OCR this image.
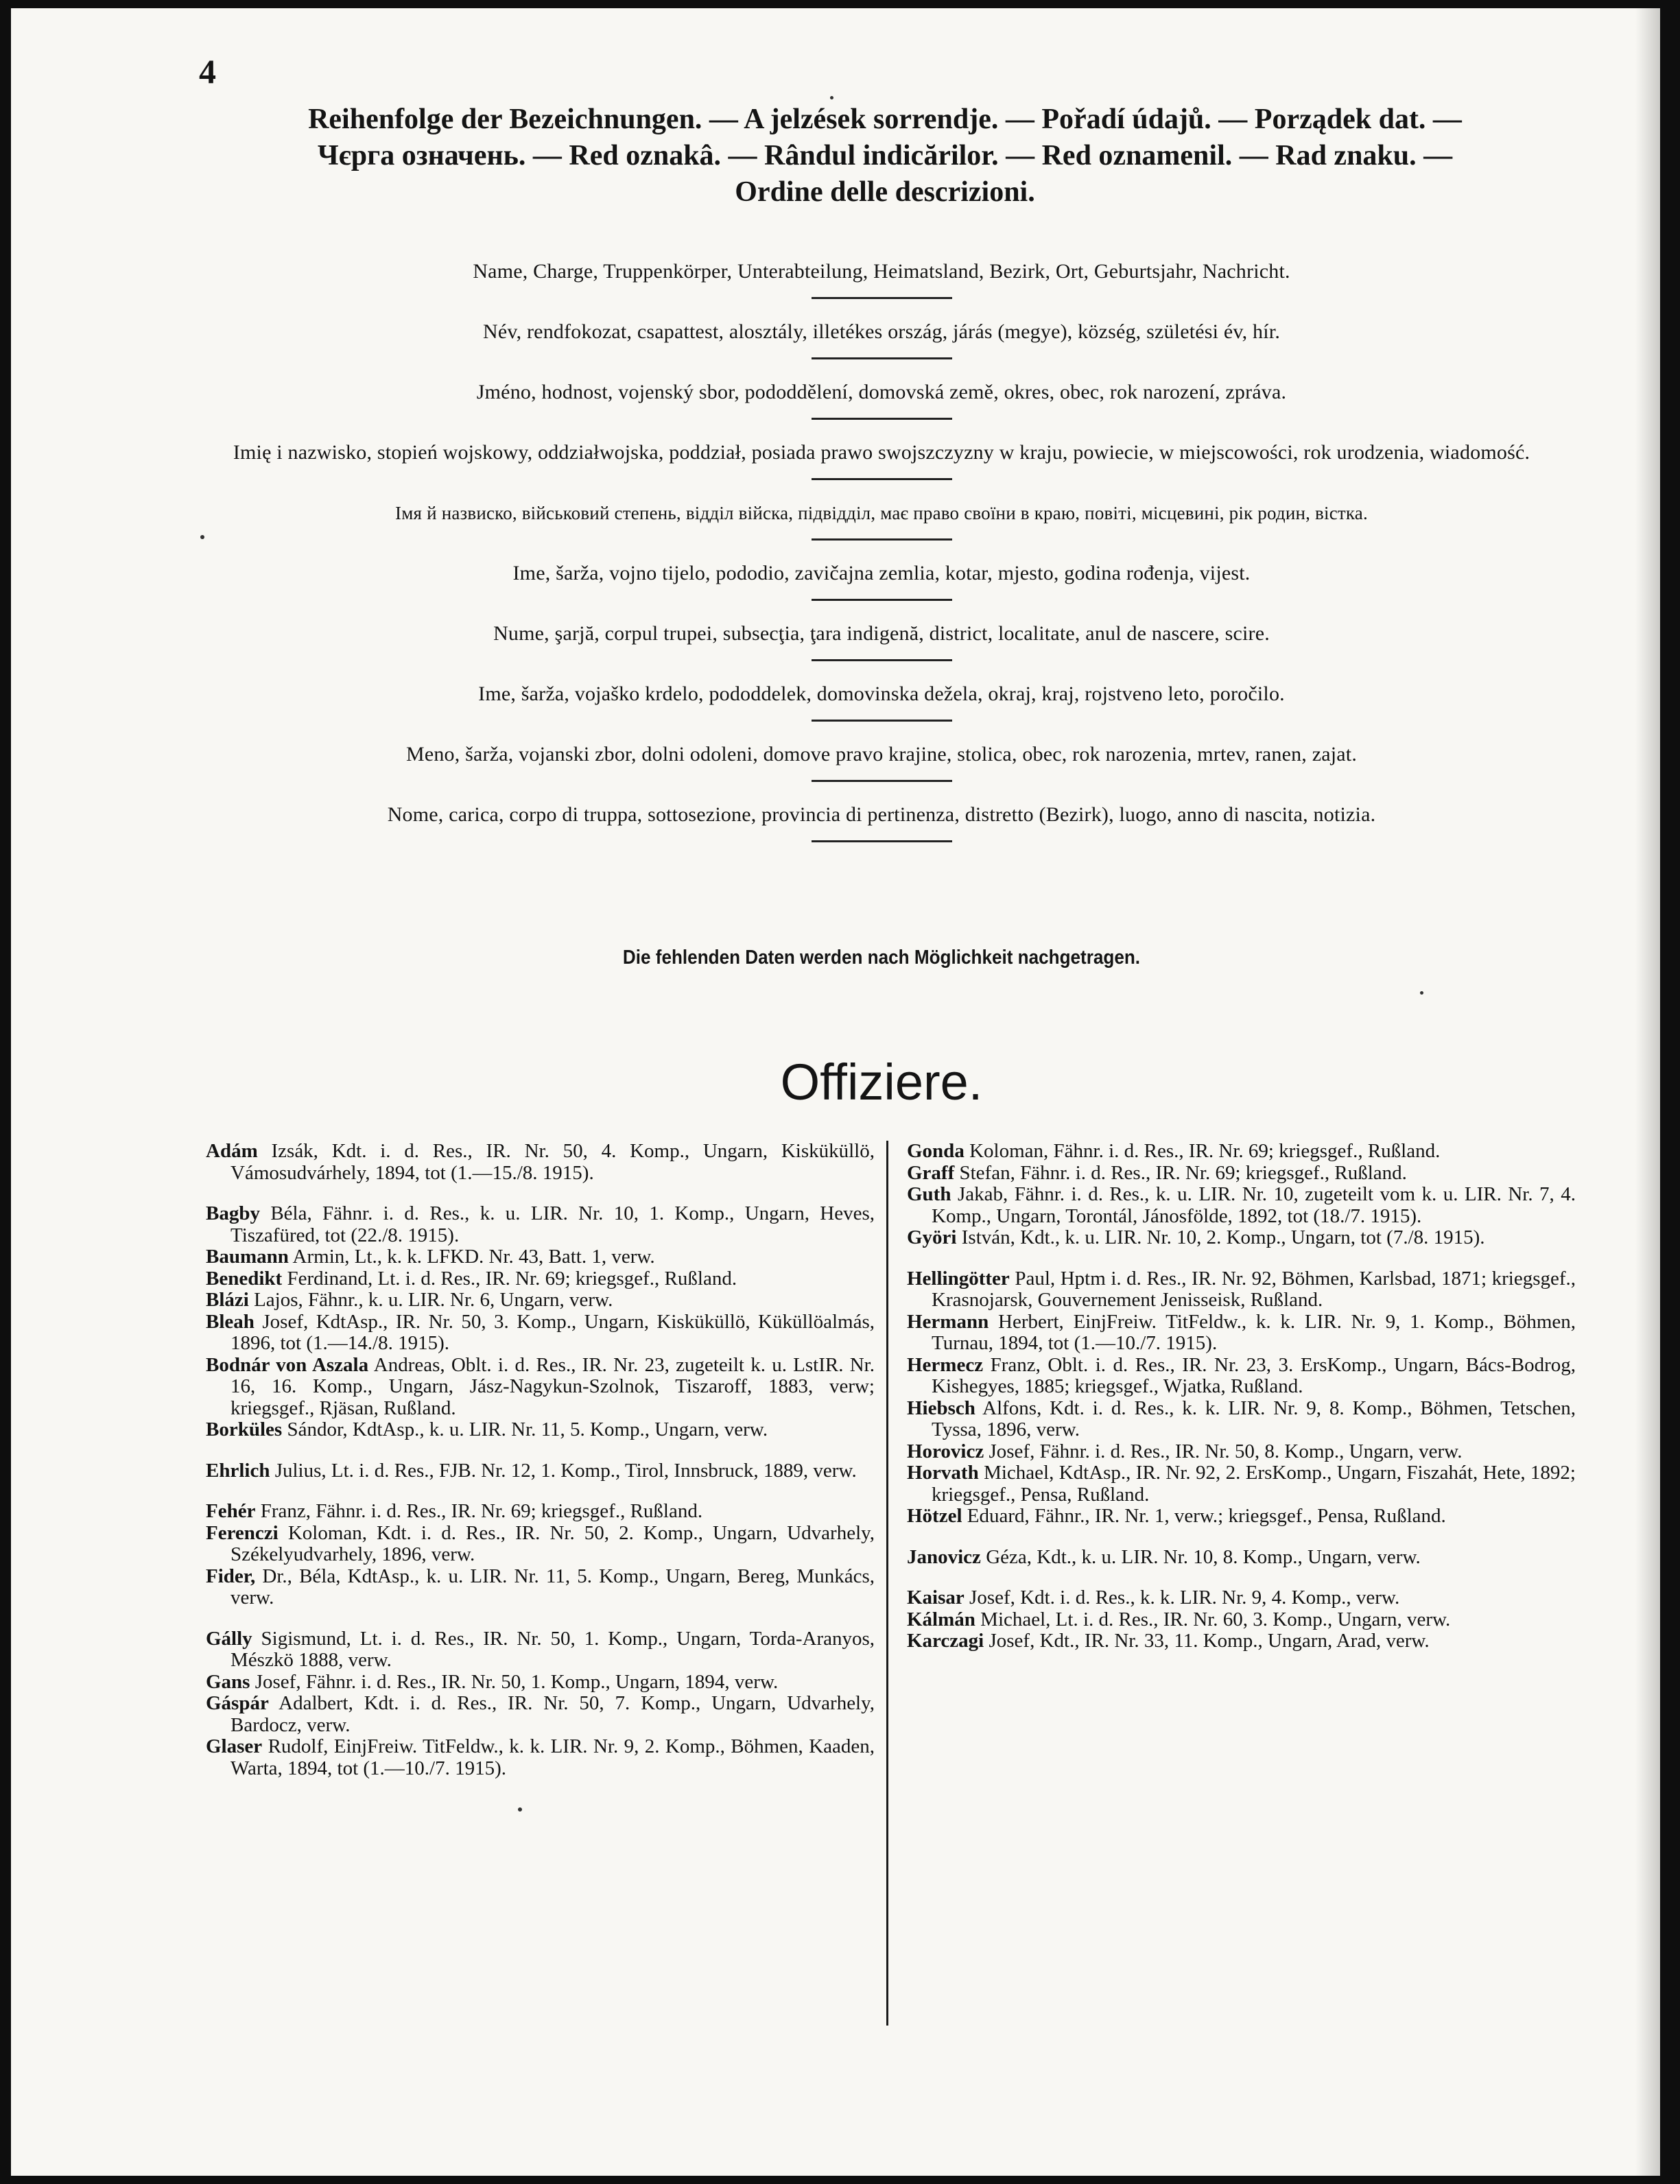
4
Reihenfolge der Bezeichnungen. — A jelzések sorrendje. — Pořadí údajů. — Porządek dat. —
Чєрга означень. — Red oznakâ. — Rândul indicărilor. — Red oznamenil. — Rad znaku. —
Ordine delle descrizioni.
Name, Charge, Truppenkörper, Unterabteilung, Heimatsland, Bezirk, Ort, Geburtsjahr, Nachricht.
Név, rendfokozat, csapattest, alosztály, illetékes ország, járás (megye), község, születési év, hír.
Jméno, hodnost, vojenský sbor, pododdělení, domovská země, okres, obec, rok narození, zpráva.
Imię i nazwisko, stopień wojskowy, oddziałwojska, poddział, posiada prawo swojszczyzny w kraju, powiecie, w miejscowości, rok urodzenia, wiadomość.
Імя й назвиско, військовий степень, відділ війска, підвідділ, має право своїни в краю, повіті, місцевині, рік родин, вістка.
Ime, šarža, vojno tijelo, pododio, zavičajna zemlia, kotar, mjesto, godina rođenja, vijest.
Nume, şarjă, corpul trupei, subsecţia, ţara indigenă, district, localitate, anul de nascere, scire.
Ime, šarža, vojaško krdelo, pododdelek, domovinska dežela, okraj, kraj, rojstveno leto, poročilo.
Meno, šarža, vojanski zbor, dolni odoleni, domove pravo krajine, stolica, obec, rok narozenia, mrtev, ranen, zajat.
Nome, carica, corpo di truppa, sottosezione, provincia di pertinenza, distretto (Bezirk), luogo, anno di nascita, notizia.
Die fehlenden Daten werden nach Möglichkeit nachgetragen.
Offiziere.
Adám Izsák, Kdt. i. d. Res., IR. Nr. 50, 4. Komp., Ungarn, Kisküküllö, Vámosudvárhely, 1894, tot (1.—15./8. 1915).
Bagby Béla, Fähnr. i. d. Res., k. u. LIR. Nr. 10, 1. Komp., Ungarn, Heves, Tiszafüred, tot (22./8. 1915).
Baumann Armin, Lt., k. k. LFKD. Nr. 43, Batt. 1, verw.
Benedikt Ferdinand, Lt. i. d. Res., IR. Nr. 69; kriegsgef., Rußland.
Blázi Lajos, Fähnr., k. u. LIR. Nr. 6, Ungarn, verw.
Bleah Josef, KdtAsp., IR. Nr. 50, 3. Komp., Ungarn, Kisküküllö, Küküllöalmás, 1896, tot (1.—14./8. 1915).
Bodnár von Aszala Andreas, Oblt. i. d. Res., IR. Nr. 23, zugeteilt k. u. LstIR. Nr. 16, 16. Komp., Ungarn, Jász-Nagykun-Szolnok, Tiszaroff, 1883, verw; kriegsgef., Rjäsan, Rußland.
Borküles Sándor, KdtAsp., k. u. LIR. Nr. 11, 5. Komp., Ungarn, verw.
Ehrlich Julius, Lt. i. d. Res., FJB. Nr. 12, 1. Komp., Tirol, Innsbruck, 1889, verw.
Fehér Franz, Fähnr. i. d. Res., IR. Nr. 69; kriegsgef., Rußland.
Ferenczi Koloman, Kdt. i. d. Res., IR. Nr. 50, 2. Komp., Ungarn, Udvarhely, Székelyudvarhely, 1896, verw.
Fider, Dr., Béla, KdtAsp., k. u. LIR. Nr. 11, 5. Komp., Ungarn, Bereg, Munkács, verw.
Gálly Sigismund, Lt. i. d. Res., IR. Nr. 50, 1. Komp., Ungarn, Torda-Aranyos, Mészkö 1888, verw.
Gans Josef, Fähnr. i. d. Res., IR. Nr. 50, 1. Komp., Ungarn, 1894, verw.
Gáspár Adalbert, Kdt. i. d. Res., IR. Nr. 50, 7. Komp., Ungarn, Udvarhely, Bardocz, verw.
Glaser Rudolf, EinjFreiw. TitFeldw., k. k. LIR. Nr. 9, 2. Komp., Böhmen, Kaaden, Warta, 1894, tot (1.—10./7. 1915).
Gonda Koloman, Fähnr. i. d. Res., IR. Nr. 69; kriegsgef., Rußland.
Graff Stefan, Fähnr. i. d. Res., IR. Nr. 69; kriegsgef., Rußland.
Guth Jakab, Fähnr. i. d. Res., k. u. LIR. Nr. 10, zugeteilt vom k. u. LIR. Nr. 7, 4. Komp., Ungarn, Torontál, Jánosfölde, 1892, tot (18./7. 1915).
Györi István, Kdt., k. u. LIR. Nr. 10, 2. Komp., Ungarn, tot (7./8. 1915).
Hellingötter Paul, Hptm i. d. Res., IR. Nr. 92, Böhmen, Karlsbad, 1871; kriegsgef., Krasnojarsk, Gouvernement Jenisseisk, Rußland.
Hermann Herbert, EinjFreiw. TitFeldw., k. k. LIR. Nr. 9, 1. Komp., Böhmen, Turnau, 1894, tot (1.—10./7. 1915).
Hermecz Franz, Oblt. i. d. Res., IR. Nr. 23, 3. ErsKomp., Ungarn, Bács-Bodrog, Kishegyes, 1885; kriegsgef., Wjatka, Rußland.
Hiebsch Alfons, Kdt. i. d. Res., k. k. LIR. Nr. 9, 8. Komp., Böhmen, Tetschen, Tyssa, 1896, verw.
Horovicz Josef, Fähnr. i. d. Res., IR. Nr. 50, 8. Komp., Ungarn, verw.
Horvath Michael, KdtAsp., IR. Nr. 92, 2. ErsKomp., Ungarn, Fiszahát, Hete, 1892; kriegsgef., Pensa, Rußland.
Hötzel Eduard, Fähnr., IR. Nr. 1, verw.; kriegsgef., Pensa, Rußland.
Janovicz Géza, Kdt., k. u. LIR. Nr. 10, 8. Komp., Ungarn, verw.
Kaisar Josef, Kdt. i. d. Res., k. k. LIR. Nr. 9, 4. Komp., verw.
Kálmán Michael, Lt. i. d. Res., IR. Nr. 60, 3. Komp., Ungarn, verw.
Karczagi Josef, Kdt., IR. Nr. 33, 11. Komp., Ungarn, Arad, verw.
